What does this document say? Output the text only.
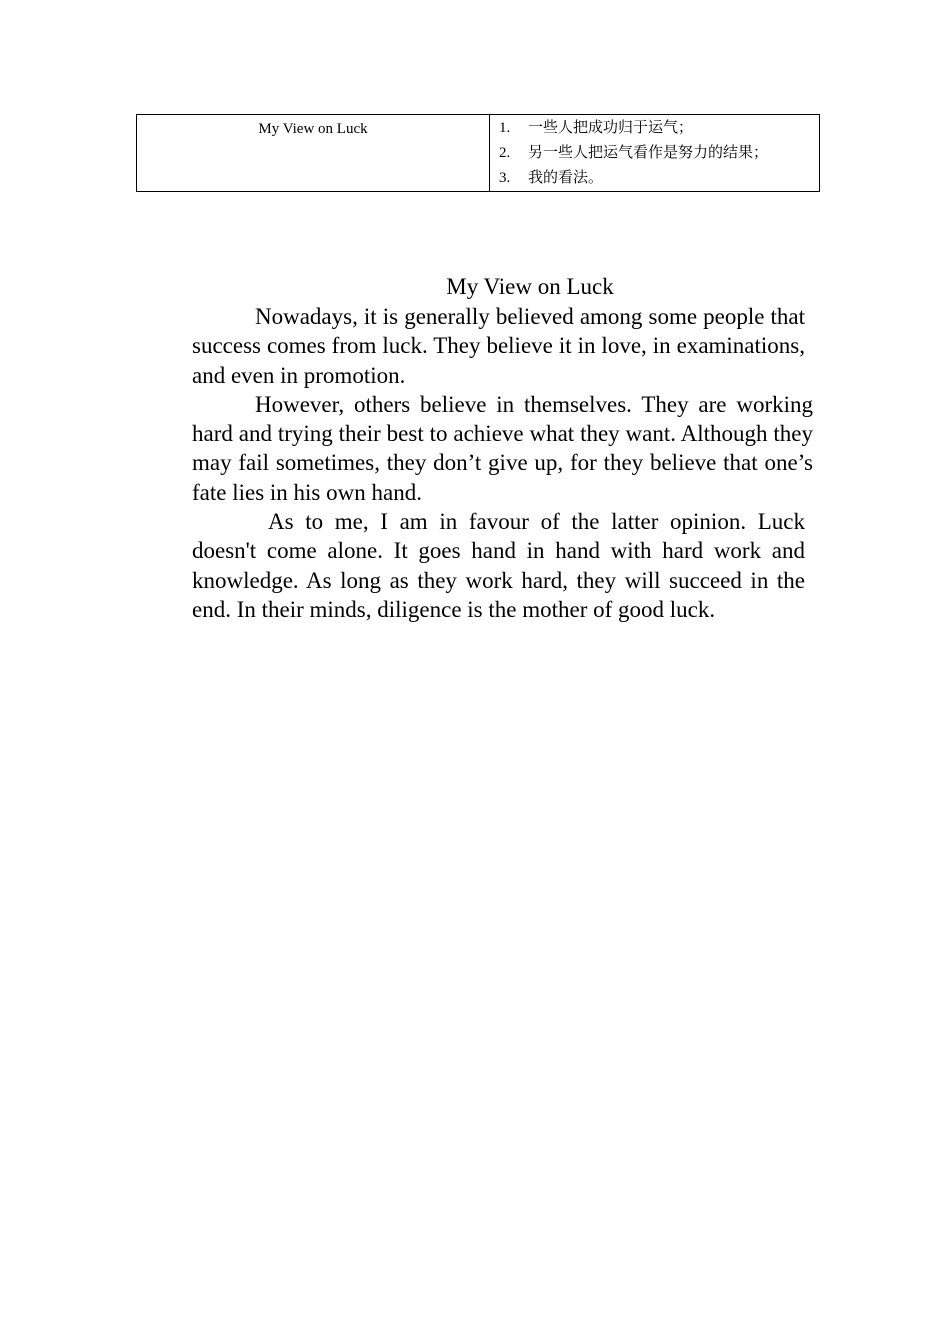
My View on Luck	1.	一些人把成功归于运气；
2.	另一些人把运气看作是努力的结果；
3.	我的看法。
My View on Luck

Nowadays, it is generally believed among some people that success comes from luck. They believe it in love, in examinations, and even in promotion.

However, others believe in themselves. They are working hard and trying their best to achieve what they want. Although they may fail sometimes, they don’t give up, for they believe that one’s fate lies in his own hand.

As to me, I am in favour of the latter opinion. Luck doesn't come alone. It goes hand in hand with hard work and knowledge. As long as they work hard, they will succeed in the end. In their minds, diligence is the mother of good luck.
